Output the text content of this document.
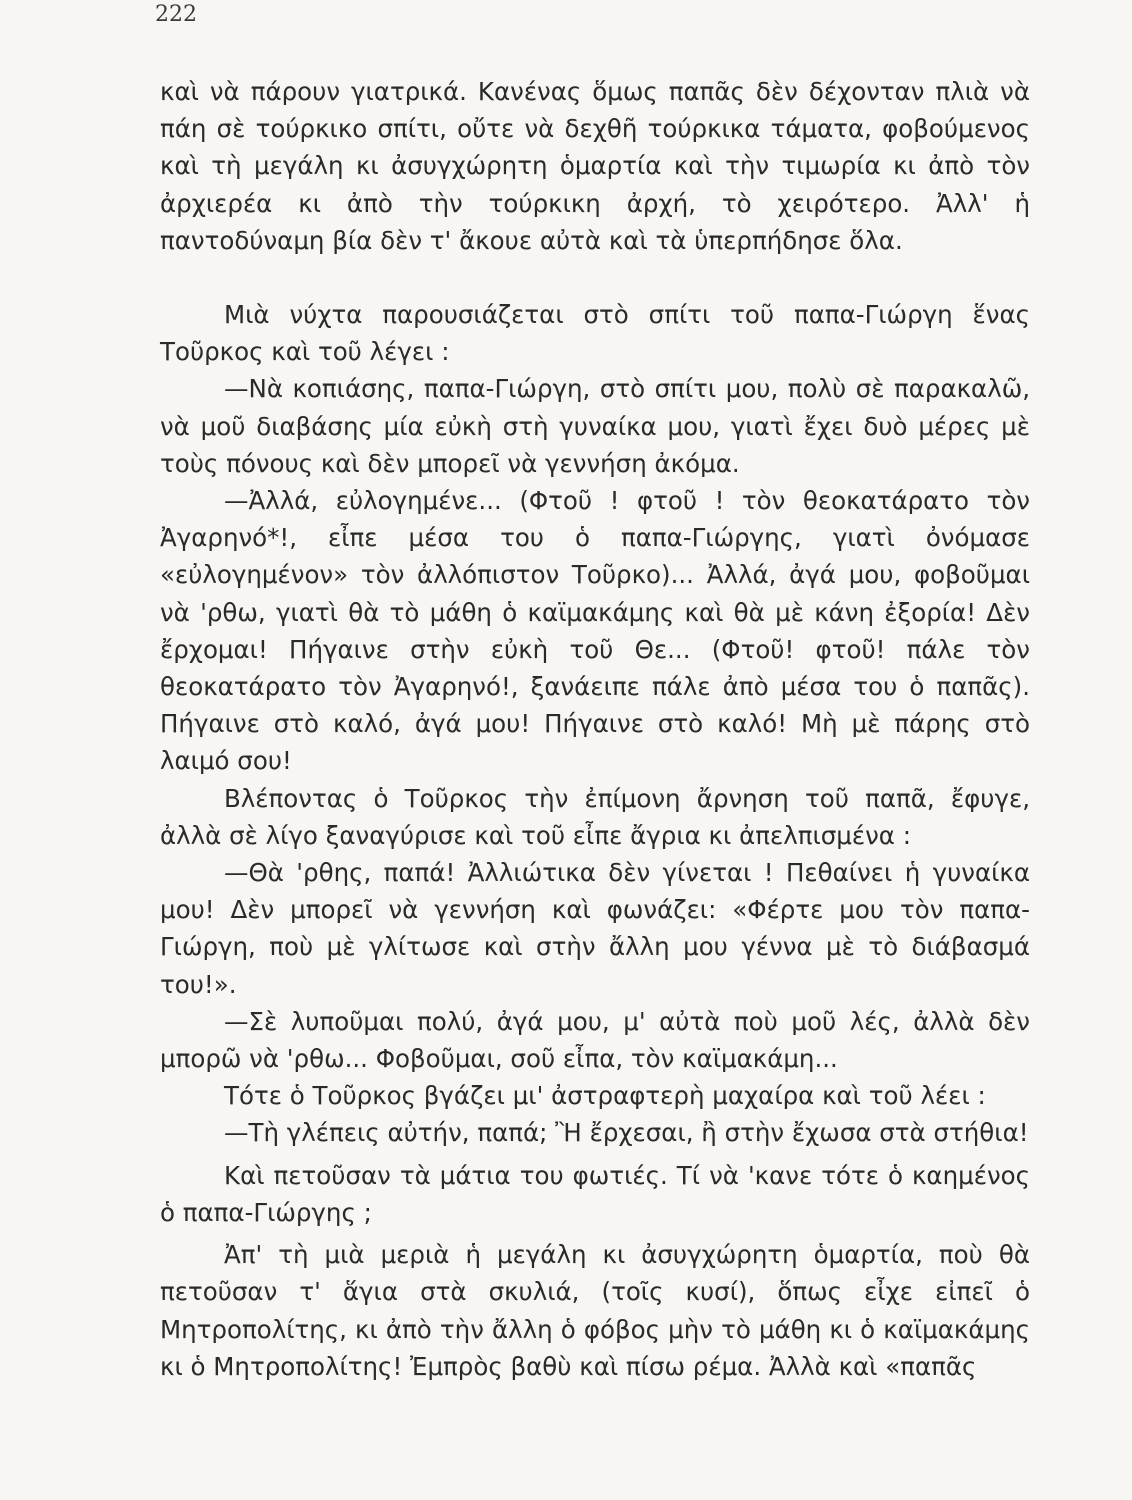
222

καὶ νὰ πάρουν γιατρικά. Κανένας ὅμως παπᾶς δὲν δέχονταν πλιὰ νὰ πάη σὲ τούρκικο σπίτι, οὔτε νὰ δεχθῆ τούρκικα τάματα, φοβούμενος καὶ τὴ μεγάλη κι ἀσυγχώρητη ὁμαρτία καὶ τὴν τιμωρία κι ἀπὸ τὸν ἀρχιερέα κι ἀπὸ τὴν τούρκικη ἀρχή, τὸ χειρότερο. Ἀλλ' ἡ παντοδύναμη βία δὲν τ' ἄκουε αὐτὰ καὶ τὰ ὑπερπήδησε ὅλα.

Μιὰ νύχτα παρουσιάζεται στὸ σπίτι τοῦ παπα-Γιώργη ἕνας Τοῦρκος καὶ τοῦ λέγει :

—Νὰ κοπιάσης, παπα-Γιώργη, στὸ σπίτι μου, πολὺ σὲ παρακαλῶ, νὰ μοῦ διαβάσης μία εὐκὴ στὴ γυναίκα μου, γιατὶ ἔχει δυὸ μέρες μὲ τοὺς πόνους καὶ δὲν μπορεῖ νὰ γεννήση ἀκόμα.

—Ἀλλά, εὐλογημένε... (Φτοῦ ! φτοῦ ! τὸν θεοκατάρατο τὸν Ἀγαρηνό*!, εἶπε μέσα του ὁ παπα-Γιώργης, γιατὶ ὀνόμασε «εὐλογημένον» τὸν ἀλλόπιστον Τοῦρκο)... Ἀλλά, ἀγά μου, φοβοῦμαι νὰ 'ρθω, γιατὶ θὰ τὸ μάθη ὁ καϊμακάμης καὶ θὰ μὲ κάνη ἐξορία! Δὲν ἔρχομαι! Πήγαινε στὴν εὐκὴ τοῦ Θε... (Φτοῦ! φτοῦ! πάλε τὸν θεοκατάρατο τὸν Ἀγαρηνό!, ξανάειπε πάλε ἀπὸ μέσα του ὁ παπᾶς). Πήγαινε στὸ καλό, ἀγά μου! Πήγαινε στὸ καλό! Μὴ μὲ πάρης στὸ λαιμό σου!

Βλέποντας ὁ Τοῦρκος τὴν ἐπίμονη ἄρνηση τοῦ παπᾶ, ἔφυγε, ἀλλὰ σὲ λίγο ξαναγύρισε καὶ τοῦ εἶπε ἄγρια κι ἀπελπισμένα :

—Θὰ 'ρθης, παπά! Ἀλλιώτικα δὲν γίνεται ! Πεθαίνει ἡ γυναίκα μου! Δὲν μπορεῖ νὰ γεννήση καὶ φωνάζει: «Φέρτε μου τὸν παπα-Γιώργη, ποὺ μὲ γλίτωσε καὶ στὴν ἄλλη μου γέννα μὲ τὸ διάβασμά του!».

—Σὲ λυποῦμαι πολύ, ἀγά μου, μ' αὐτὰ ποὺ μοῦ λές, ἀλλὰ δὲν μπορῶ νὰ 'ρθω... Φοβοῦμαι, σοῦ εἶπα, τὸν καϊμακάμη...

Τότε ὁ Τοῦρκος βγάζει μι' ἀστραφτερὴ μαχαίρα καὶ τοῦ λέει :

—Τὴ γλέπεις αὐτήν, παπά; Ἢ ἔρχεσαι, ἢ στὴν ἔχωσα στὰ στήθια!

Καὶ πετοῦσαν τὰ μάτια του φωτιές. Τί νὰ 'κανε τότε ὁ καημένος ὁ παπα-Γιώργης ;

Ἀπ' τὴ μιὰ μεριὰ ἡ μεγάλη κι ἀσυγχώρητη ὁμαρτία, ποὺ θὰ πετοῦσαν τ' ἅγια στὰ σκυλιά, (τοῖς κυσί), ὅπως εἶχε εἰπεῖ ὁ Μητροπολίτης, κι ἀπὸ τὴν ἄλλη ὁ φόβος μὴν τὸ μάθη κι ὁ καϊμακάμης κι ὁ Μητροπολίτης! Ἐμπρὸς βαθὺ καὶ πίσω ρέμα. Ἀλλὰ καὶ «παπᾶς
